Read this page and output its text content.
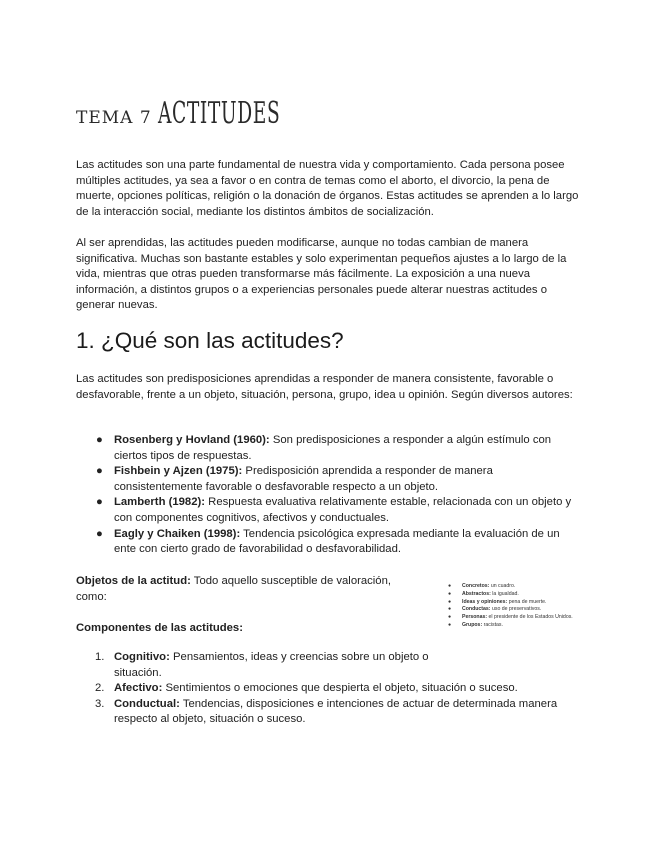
TEMA 7 ACTITUDES

Las actitudes son una parte fundamental de nuestra vida y comportamiento. Cada persona posee múltiples actitudes, ya sea a favor o en contra de temas como el aborto, el divorcio, la pena de muerte, opciones políticas, religión o la donación de órganos. Estas actitudes se aprenden a lo largo de la interacción social, mediante los distintos ámbitos de socialización.

Al ser aprendidas, las actitudes pueden modificarse, aunque no todas cambian de manera significativa. Muchas son bastante estables y solo experimentan pequeños ajustes a lo largo de la vida, mientras que otras pueden transformarse más fácilmente. La exposición a una nueva información, a distintos grupos o a experiencias personales puede alterar nuestras actitudes o generar nuevas.

1. ¿Qué son las actitudes?

Las actitudes son predisposiciones aprendidas a responder de manera consistente, favorable o desfavorable, frente a un objeto, situación, persona, grupo, idea u opinión. Según diversos autores:

● Rosenberg y Hovland (1960): Son predisposiciones a responder a algún estímulo con ciertos tipos de respuestas.
● Fishbein y Ajzen (1975): Predisposición aprendida a responder de manera consistentemente favorable o desfavorable respecto a un objeto.
● Lamberth (1982): Respuesta evaluativa relativamente estable, relacionada con un objeto y con componentes cognitivos, afectivos y conductuales.
● Eagly y Chaiken (1998): Tendencia psicológica expresada mediante la evaluación de un ente con cierto grado de favorabilidad o desfavorabilidad.

Objetos de la actitud: Todo aquello susceptible de valoración, como:

● Concretos: un cuadro.
● Abstractos: la igualdad.
● Ideas y opiniones: pena de muerte.
● Conductas: uso de preservativos.
● Personas: el presidente de los Estados Unidos.
● Grupos: racistas.

Componentes de las actitudes:

1. Cognitivo: Pensamientos, ideas y creencias sobre un objeto o situación.
2. Afectivo: Sentimientos o emociones que despierta el objeto, situación o suceso.
3. Conductual: Tendencias, disposiciones e intenciones de actuar de determinada manera respecto al objeto, situación o suceso.
